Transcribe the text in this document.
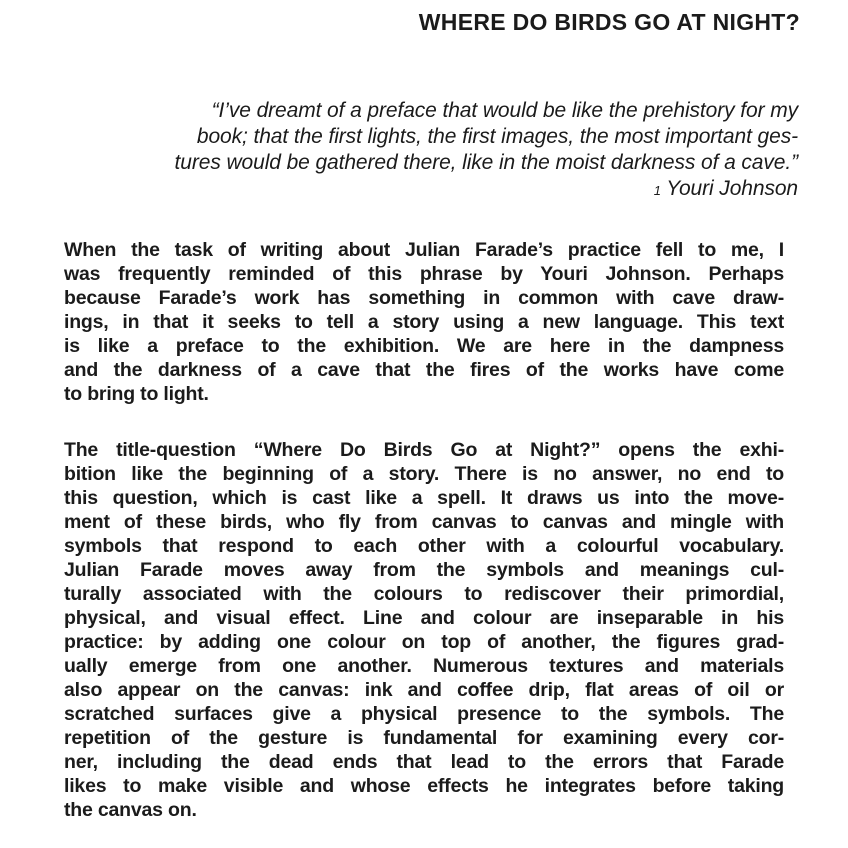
WHERE DO BIRDS GO AT NIGHT?
“I’ve dreamt of a preface that would be like the prehistory for my
book; that the first lights, the first images, the most important ges-
tures would be gathered there, like in the moist darkness of a cave.”
1 Youri Johnson
When the task of writing about Julian Farade’s practice fell to me, I
was frequently reminded of this phrase by Youri Johnson. Perhaps
because Farade’s work has something in common with cave draw-
ings, in that it seeks to tell a story using a new language. This text
is like a preface to the exhibition. We are here in the dampness
and the darkness of a cave that the fires of the works have come
to bring to light.
The title-question “Where Do Birds Go at Night?” opens the exhi-
bition like the beginning of a story. There is no answer, no end to
this question, which is cast like a spell. It draws us into the move-
ment of these birds, who fly from canvas to canvas and mingle with
symbols that respond to each other with a colourful vocabulary.
Julian Farade moves away from the symbols and meanings cul-
turally associated with the colours to rediscover their primordial,
physical, and visual effect. Line and colour are inseparable in his
practice: by adding one colour on top of another, the figures grad-
ually emerge from one another. Numerous textures and materials
also appear on the canvas: ink and coffee drip, flat areas of oil or
scratched surfaces give a physical presence to the symbols. The
repetition of the gesture is fundamental for examining every cor-
ner, including the dead ends that lead to the errors that Farade
likes to make visible and whose effects he integrates before taking
the canvas on.
